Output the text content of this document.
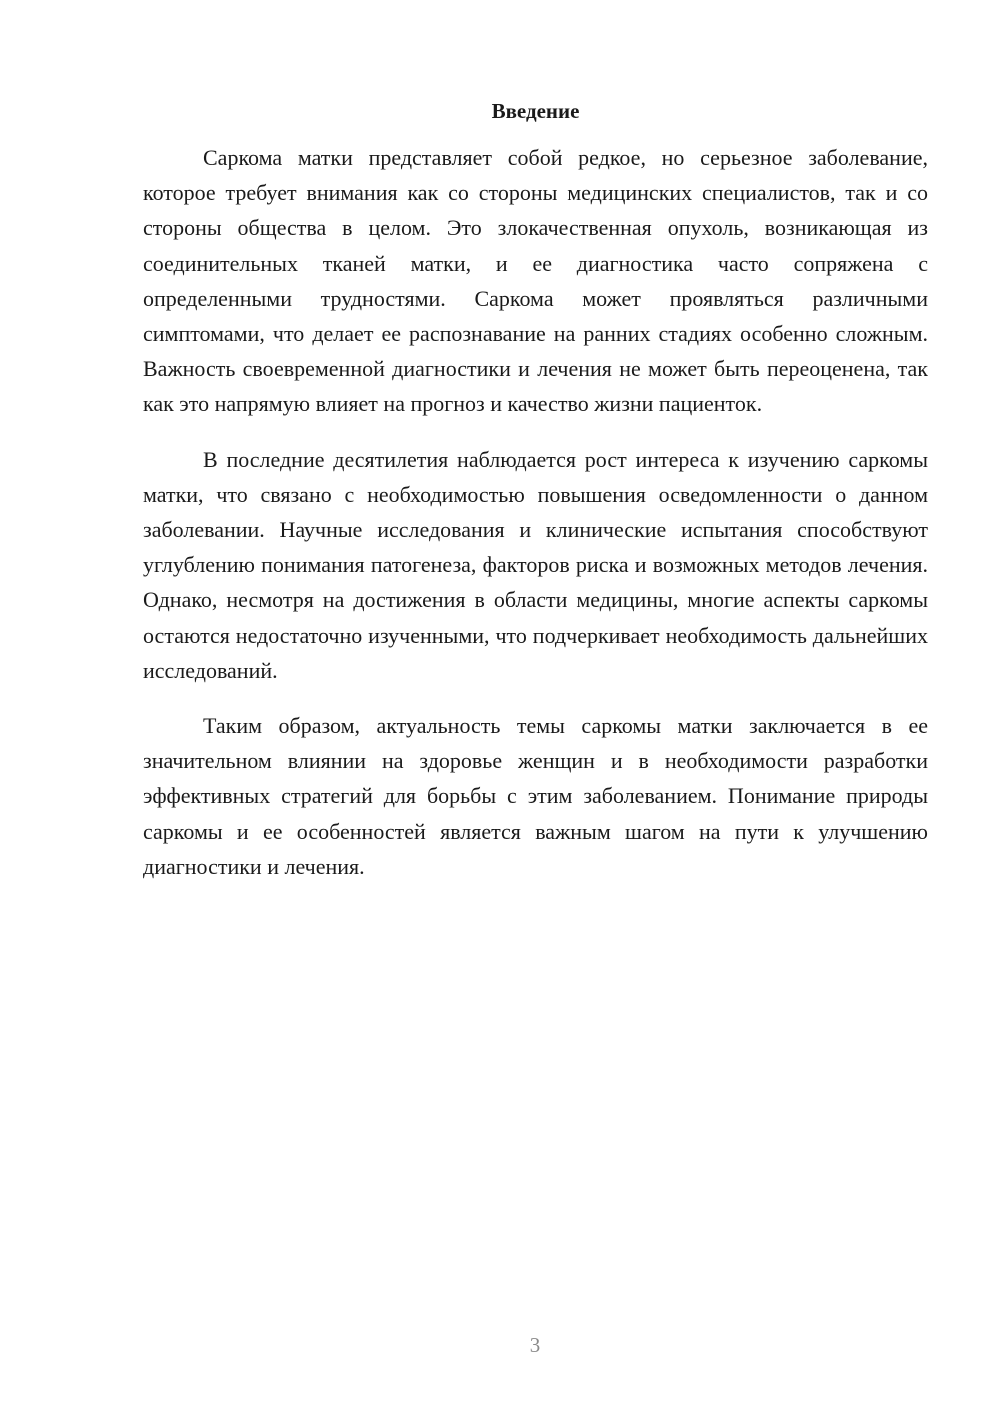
Введение

Саркома матки представляет собой редкое, но серьезное заболевание, которое требует внимания как со стороны медицинских специалистов, так и со стороны общества в целом. Это злокачественная опухоль, возникающая из соединительных тканей матки, и ее диагностика часто сопряжена с определенными трудностями. Саркома может проявляться различными симптомами, что делает ее распознавание на ранних стадиях особенно сложным. Важность своевременной диагностики и лечения не может быть переоценена, так как это напрямую влияет на прогноз и качество жизни пациенток.

В последние десятилетия наблюдается рост интереса к изучению саркомы матки, что связано с необходимостью повышения осведомленности о данном заболевании. Научные исследования и клинические испытания способствуют углублению понимания патогенеза, факторов риска и возможных методов лечения. Однако, несмотря на достижения в области медицины, многие аспекты саркомы остаются недостаточно изученными, что подчеркивает необходимость дальнейших исследований.

Таким образом, актуальность темы саркомы матки заключается в ее значительном влиянии на здоровье женщин и в необходимости разработки эффективных стратегий для борьбы с этим заболеванием. Понимание природы саркомы и ее особенностей является важным шагом на пути к улучшению диагностики и лечения.

3
